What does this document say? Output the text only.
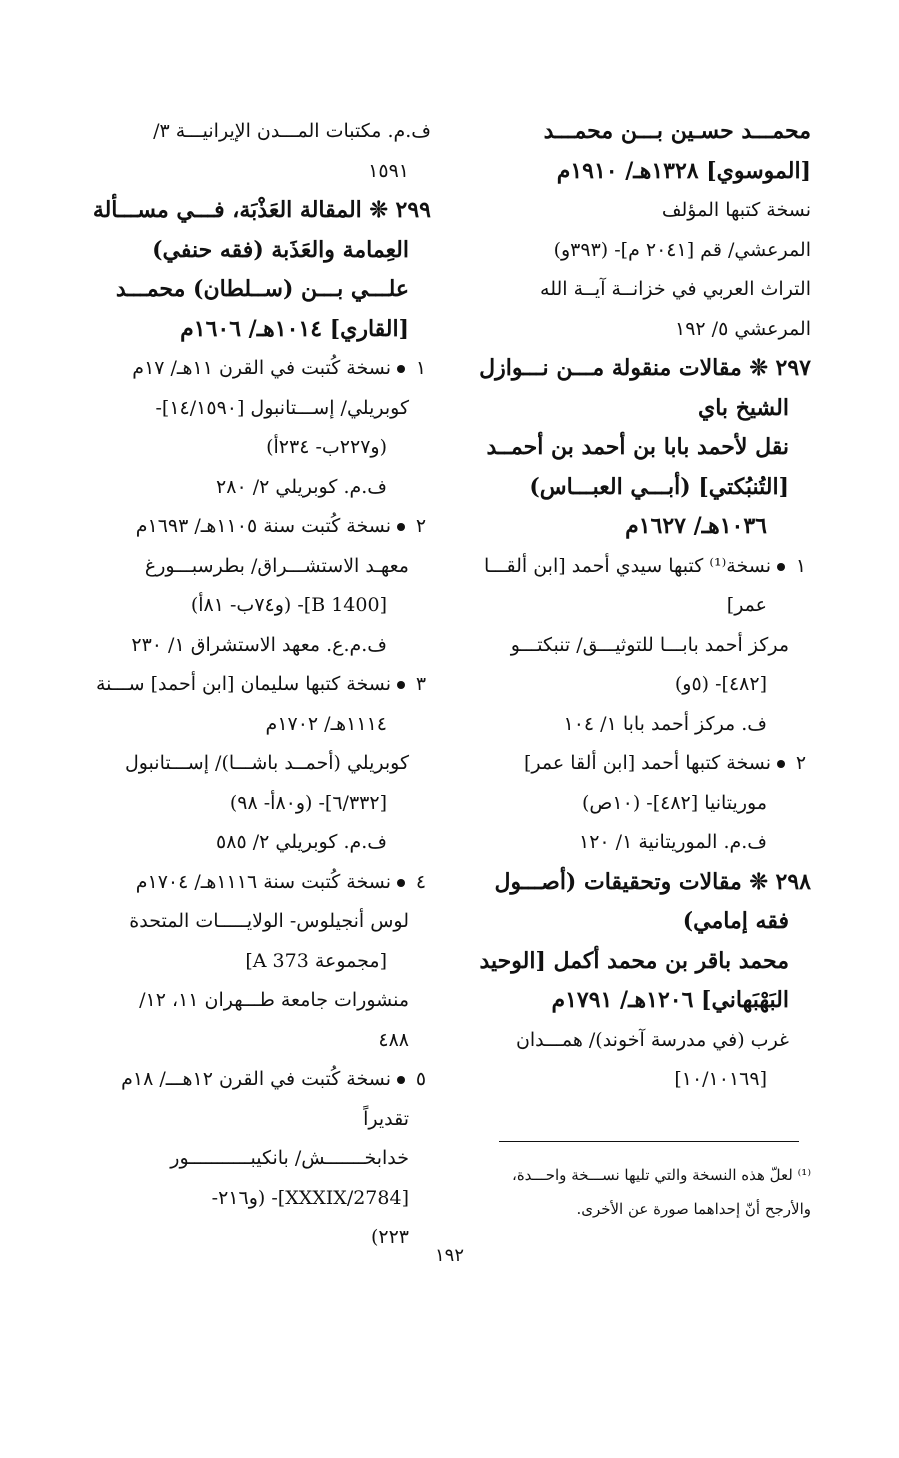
محمـــد حسـين بـــن محمـــد
[الموسوي] ١٣٢٨هـ/ ١٩١٠م
نسخة كتبها المؤلف
المرعشي/ قم [٢٠٤١ م]- (٣٩٣و)
التراث العربي في خزانــة آيــة الله
المرعشي ٥/ ١٩٢
٢٩٧ ❊ مقالات منقولة مـــن نـــوازل
الشيخ باي
نقل لأحمد بابا بن أحمد بن أحمــد
[التُنبُكتي] (أبـــي العبـــاس)
١٠٣٦هـ/ ١٦٢٧م
١نسخة⁽¹⁾ كتبها سيدي أحمد [ابن ألقـــا
عمر]
مركز أحمد بابـــا للتوثيـــق/ تنبكتـــو
[٤٨٢]- (٥و)
ف. مركز أحمد بابا ١/ ١٠٤
٢نسخة كتبها أحمد [ابن ألقا عمر]
موريتانيا [٤٨٢]- (١٠ص)
ف.م. الموريتانية ١/ ١٢٠
٢٩٨ ❊ مقالات وتحقيقات (أصـــول
فقه إمامي)
محمد باقر بن محمد أكمل [الوحيد
البَهْبَهاني] ١٢٠٦هـ/ ١٧٩١م
غرب (في مدرسة آخوند)/ همـــدان
[١٠/١٠١٦٩]
ف.م. مكتبات المـــدن الإيرانيـــة ٣/
١٥٩١
٢٩٩ ❊ المقالة العَذْبَة، فـــي مســـألة
العِمامة والعَذَبة (فقه حنفي)
علـــي بـــن (ســلطان) محمـــد
[القاري] ١٠١٤هـ/ ١٦٠٦م
١نسخة كُتبت في القرن ١١هـ/ ١٧م
كوبريلي/ إســـتانبول [١٤/١٥٩٠]-
(و٢٢٧ب- ٢٣٤أ)
ف.م. كوبريلي ٢/ ٢٨٠
٢نسخة كُتبت سنة ١١٠٥هـ/ ١٦٩٣م
معهـد الاستشـــراق/ بطرسبـــورغ
[B 1400]- (و٧٤ب- ٨١أ)
ف.م.ع. معهد الاستشراق ١/ ٢٣٠
٣نسخة كتبها سليمان [ابن أحمد] ســـنة
١١١٤هـ/ ١٧٠٢م
كوبريلي (أحمــد باشـــا)/ إســـتانبول
[٦/٣٣٢]- (و٨٠أ- ٩٨)
ف.م. كوبريلي ٢/ ٥٨٥
٤نسخة كُتبت سنة ١١١٦هـ/ ١٧٠٤م
لوس أنجيلوس- الولايـــــات المتحدة
[مجموعة A 373]
منشورات جامعة طـــهران ١١، ١٢/
٤٨٨
٥نسخة كُتبت في القرن ١٢هـــ/ ١٨م
تقديراً
خدابخـــــــش/ بانكيبـــــــــــور
[2784/XXXIX]- (و٢١٦-
٢٢٣)
⁽¹⁾ لعلّ هذه النسخة والتي تليها نســـخة واحـــدة،
والأرجح أنّ إحداهما صورة عن الأخرى.
١٩٢
